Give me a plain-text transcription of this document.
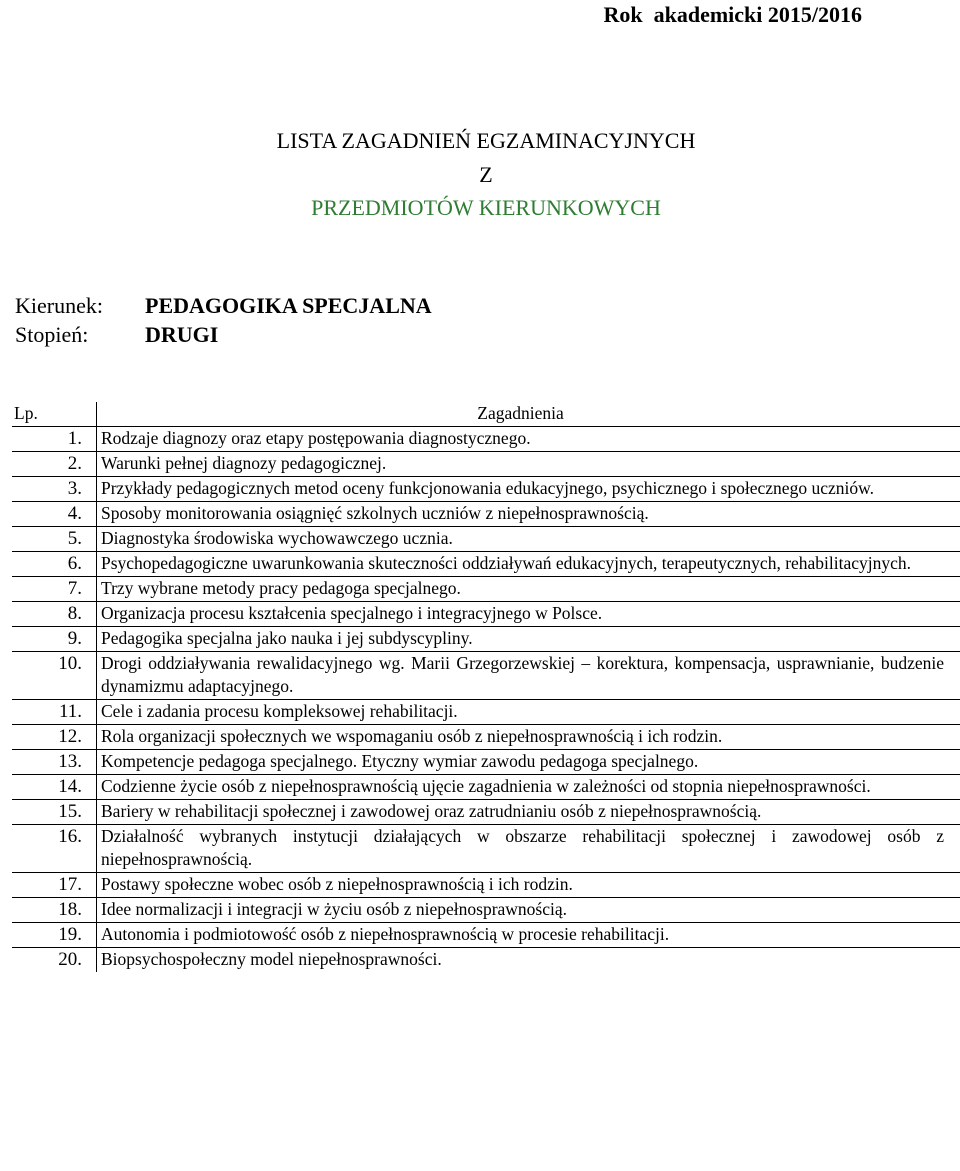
Rok  akademicki 2015/2016
LISTA ZAGADNIEŃ EGZAMINACYJNYCH
Z
PRZEDMIOTÓW KIERUNKOWYCH
Kierunek: PEDAGOGIKA SPECJALNA
Stopień:	DRUGI
Lp.	Zagadnienia
1.	Rodzaje diagnozy oraz etapy postępowania diagnostycznego.
2.	Warunki pełnej diagnozy pedagogicznej.
3.	Przykłady pedagogicznych metod oceny funkcjonowania edukacyjnego, psychicznego i społecznego uczniów.
4.	Sposoby monitorowania osiągnięć szkolnych uczniów z niepełnosprawnością.
5.	Diagnostyka środowiska wychowawczego ucznia.
6.	Psychopedagogiczne uwarunkowania skuteczności oddziaływań edukacyjnych, terapeutycznych, rehabilitacyjnych.
7.	Trzy wybrane metody pracy pedagoga specjalnego.
8.	Organizacja procesu kształcenia specjalnego i integracyjnego w Polsce.
9.	Pedagogika specjalna jako nauka i jej subdyscypliny.
10.	Drogi oddziaływania rewalidacyjnego wg. Marii Grzegorzewskiej – korektura, kompensacja, usprawnianie, budzenie dynamizmu adaptacyjnego.
11.	Cele i zadania procesu kompleksowej rehabilitacji.
12.	Rola organizacji społecznych we wspomaganiu osób z niepełnosprawnością i ich rodzin.
13.	Kompetencje pedagoga specjalnego. Etyczny wymiar zawodu pedagoga specjalnego.
14.	Codzienne życie osób z niepełnosprawnością ujęcie zagadnienia w zależności od stopnia niepełnosprawności.
15.	Bariery w rehabilitacji społecznej i zawodowej oraz zatrudnianiu osób z niepełnosprawnością.
16.	Działalność wybranych instytucji działających w obszarze rehabilitacji społecznej i zawodowej osób z niepełnosprawnością.
17.	Postawy społeczne wobec osób z niepełnosprawnością i ich rodzin.
18.	Idee normalizacji i integracji w życiu osób z niepełnosprawnością.
19.	Autonomia i podmiotowość osób z niepełnosprawnością w procesie rehabilitacji.
20.	Biopsychospołeczny model niepełnosprawności.
